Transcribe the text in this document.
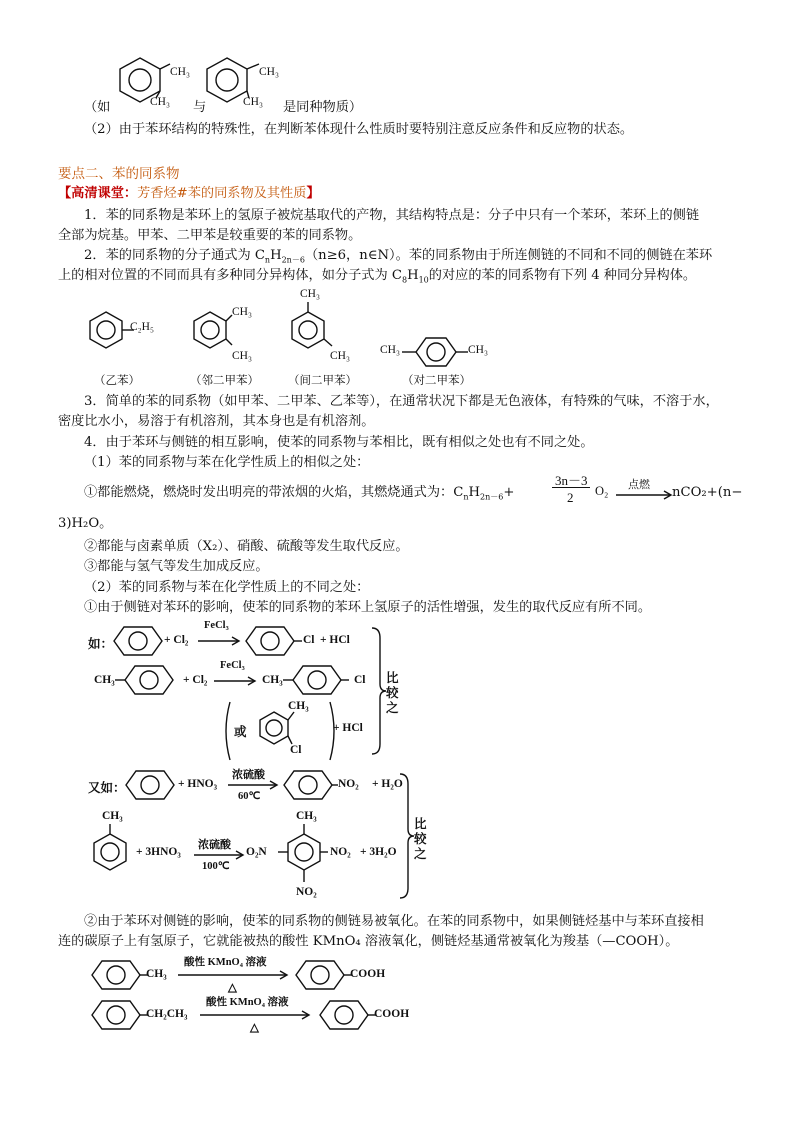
CH₃
CH₃
CH₃
CH₃
（如	与	是同种物质）
（2）由于苯环结构的特殊性，在判断苯体现什么性质时要特别注意反应条件和反应物的状态。
要点二、苯的同系物
【高清课堂：芳香烃#苯的同系物及其性质】
1．苯的同系物是苯环上的氢原子被烷基取代的产物，其结构特点是：分子中只有一个苯环，苯环上的侧链
全部为烷基。甲苯、二甲苯是较重要的苯的同系物。
2．苯的同系物的分子通式为 $C_nH_{2n-6}(n\ge 6$，n∈N）。苯的同系物由于所连侧链的不同和不同的侧链在苯环
上的相对位置的不同而具有多种同分异构体，如分子式为 $C_8H_{10}$的对应的苯的同系物有下列 4 种同分异构体。
C₂H₅
（乙苯）
CH₃
CH₃
（邻二甲苯）
CH₃
CH₃
（间二甲苯）
CH₃	CH₃
（对二甲苯）
3．简单的苯的同系物（如甲苯、二甲苯、乙苯等），在通常状况下都是无色液体，有特殊的气味，不溶于水，
密度比水小，易溶于有机溶剂，其本身也是有机溶剂。
4．由于苯环与侧链的相互影响，使苯的同系物与苯相比，既有相似之处也有不同之处。
（1）苯的同系物与苯在化学性质上的相似之处：
①都能燃烧，燃烧时发出明亮的带浓烟的火焰，其燃烧通式为：$C_nH_{2n-6}+$
3n－3
2 O₂ 点燃 → nCO₂+(n−
3)H₂O。
②都能与卤素单质（X₂）、硝酸、硫酸等发生取代反应。
③都能与氢气等发生加成反应。
（2）苯的同系物与苯在化学性质上的不同之处：
①由于侧链对苯环的影响，使苯的同系物的苯环上氢原子的活性增强，发生的取代反应有所不同。
如：	+ Cl₂
FeCl₃
Cl + HCl
CH₃	+ Cl₂
FeCl₃
→ CH₃	Cl
或
CH₃
Cl
+ HCl
比较之
又如：	+ HNO₃
浓硫酸
60℃
NO₂ + H₂O
CH₃
+ 3HNO₃
浓硫酸
100℃
CH₃
O₂N	NO₂
NO₂
+ 3H₂O
比较之
②由于苯环对侧链的影响，使苯的同系物的侧链易被氧化。在苯的同系物中，如果侧链烃基中与苯环直接相
连的碳原子上有氢原子，它就能被热的酸性 KMnO₄ 溶液氧化，侧链烃基通常被氧化为羧基（—COOH）。
CH₃
酸性 KMnO₄ 溶液
△
COOH
CH₂CH₃
酸性 KMnO₄ 溶液
△
COOH
